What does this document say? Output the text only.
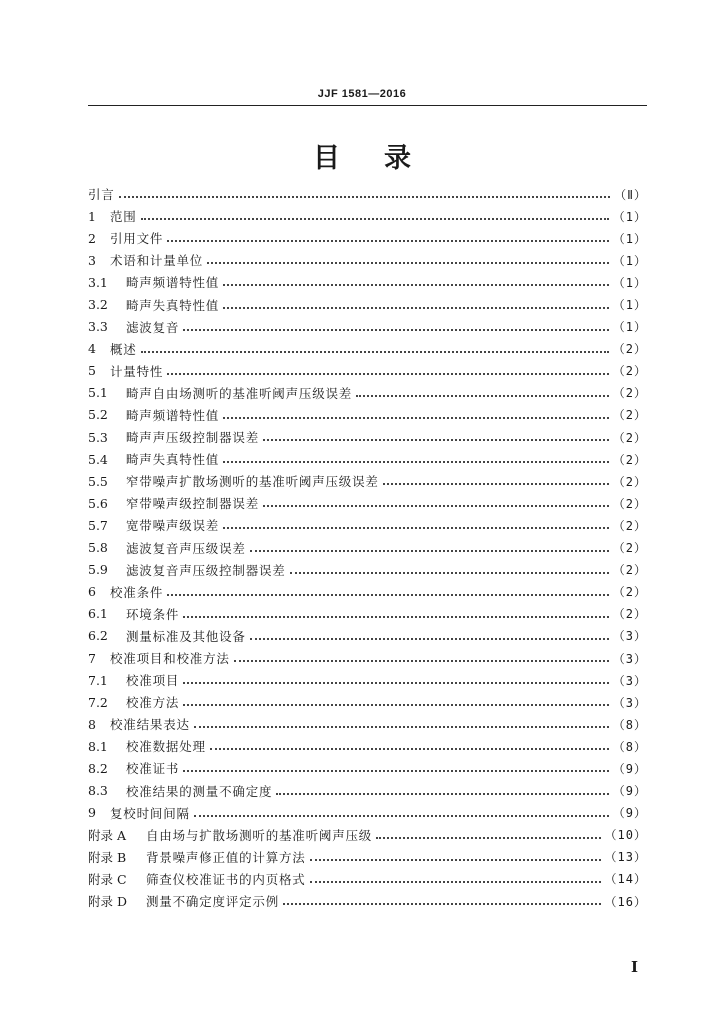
JJF 1581—2016
目 录
引言	（Ⅱ）
1	范围	（1）
2	引用文件	（1）
3	术语和计量单位	（1）
3.1	畸声频谱特性值	（1）
3.2	畸声失真特性值	（1）
3.3	滤波复音	（1）
4	概述	（2）
5	计量特性	（2）
5.1	畸声自由场测听的基准听阈声压级误差	（2）
5.2	畸声频谱特性值	（2）
5.3	畸声声压级控制器误差	（2）
5.4	畸声失真特性值	（2）
5.5	窄带噪声扩散场测听的基准听阈声压级误差	（2）
5.6	窄带噪声级控制器误差	（2）
5.7	宽带噪声级误差	（2）
5.8	滤波复音声压级误差	（2）
5.9	滤波复音声压级控制器误差	（2）
6	校准条件	（2）
6.1	环境条件	（2）
6.2	测量标准及其他设备	（3）
7	校准项目和校准方法	（3）
7.1	校准项目	（3）
7.2	校准方法	（3）
8	校准结果表达	（8）
8.1	校准数据处理	（8）
8.2	校准证书	（9）
8.3	校准结果的测量不确定度	（9）
9	复校时间间隔	（9）
附录 A	自由场与扩散场测听的基准听阈声压级	（10）
附录 B	背景噪声修正值的计算方法	（13）
附录 C	筛查仪校准证书的内页格式	（14）
附录 D	测量不确定度评定示例	（16）
I
